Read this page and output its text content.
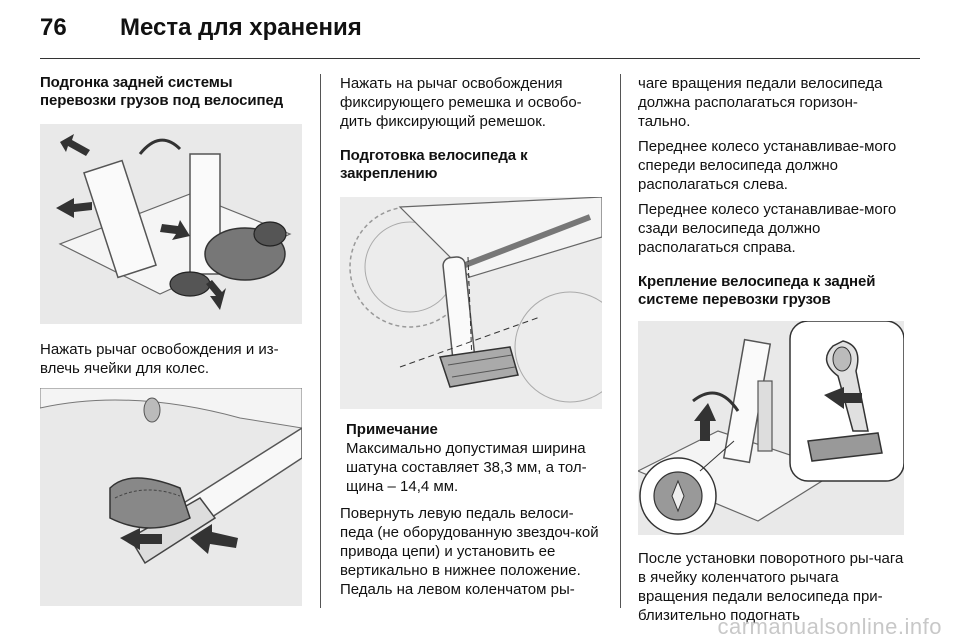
76 Места для хранения
Подгонка задней системы перевозки грузов под велосипед

Нажать рычаг освобождения и из-влечь ячейки для колес.

Нажать на рычаг освобождения фиксирующего ремешка и освобо-дить фиксирующий ремешок.

Подготовка велосипеда к закреплению
Примечание

Максимально допустимая ширина шатуна составляет 38,3 мм, а тол-щина – 14,4 мм.

Повернуть левую педаль велоси-педа (не оборудованную звездоч-кой привода цепи) и установить ее вертикально в нижнее положение. Педаль на левом коленчатом ры-

чаге вращения педали велосипеда должна располагаться горизон-тально.

Переднее колесо устанавливае-мого спереди велосипеда должно располагаться слева.

Переднее колесо устанавливае-мого сзади велосипеда должно располагаться справа.

Крепление велосипеда к задней системе перевозки грузов

После установки поворотного ры-чага в ячейку коленчатого рычага вращения педали велосипеда при-близительно подогнать

carmanualsonline.info
